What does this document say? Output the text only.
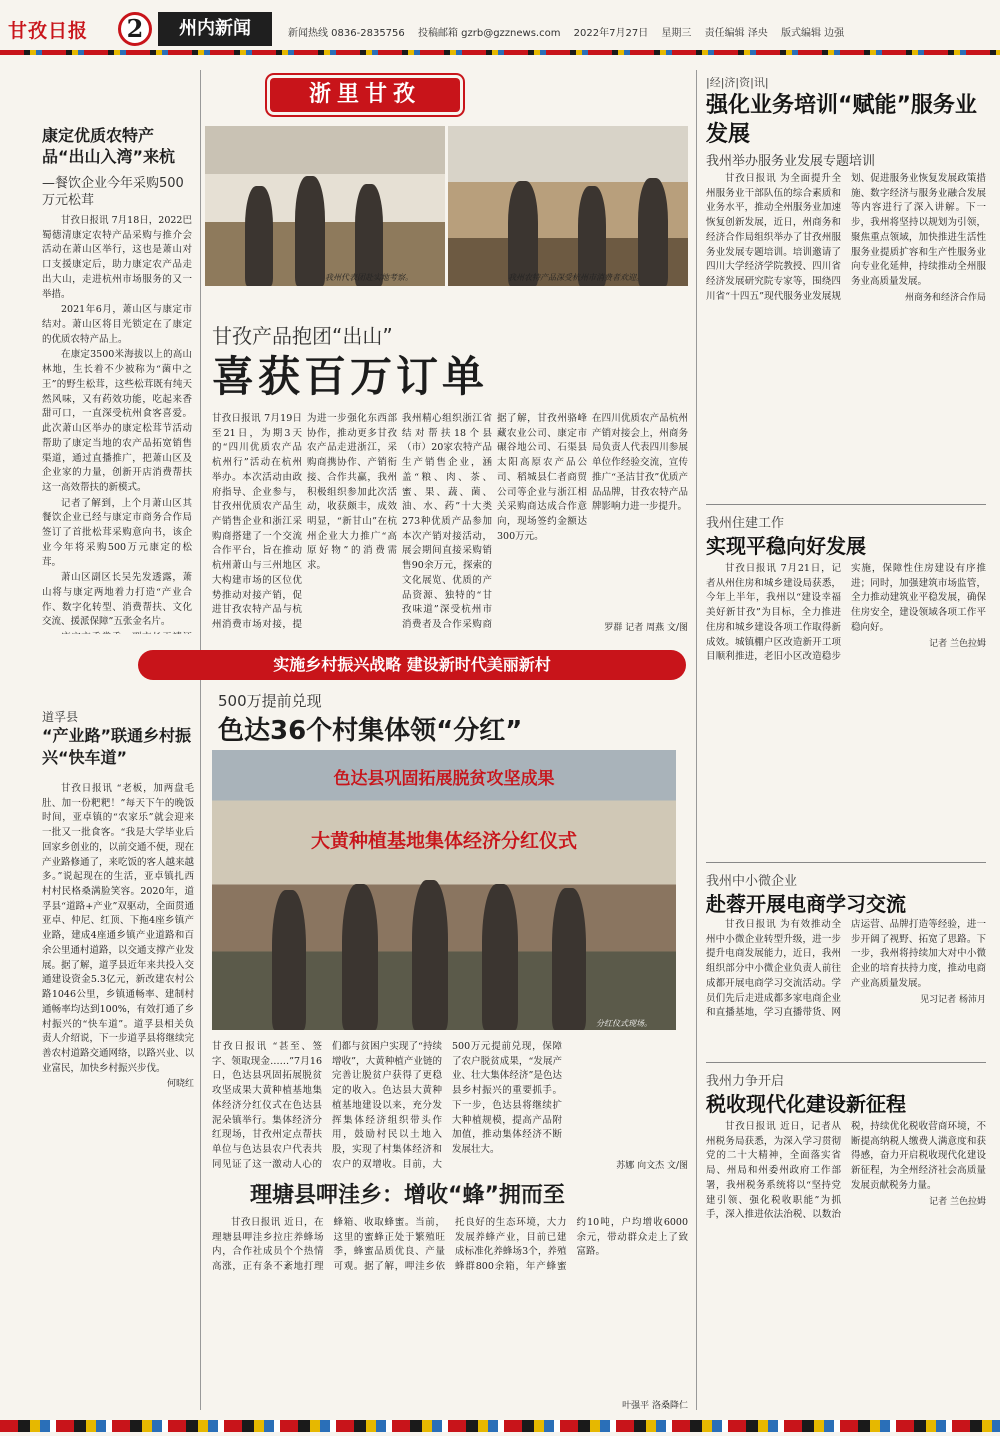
甘孜日报	2	州内新闻	新闻热线 0836-2835756 投稿邮箱 gzrb@gzznews.com 2022年7月27日 星期三 责任编辑 泽央 版式编辑 边强
浙里甘孜
康定优质农特产品“出山入湾”来杭
—餐饮企业今年采购500万元松茸

甘孜日报讯 7月18日，2022巴蜀德清康定农特产品采购与推介会活动在萧山区举行，这也是萧山对口支援康定后，助力康定农产品走出大山，走进杭州市场服务的又一举措。

2021年6月，萧山区与康定市结对。萧山区将目光锁定在了康定的优质农特产品上。

在康定3500米海拔以上的高山林地，生长着不少被称为“菌中之王”的野生松茸，这些松茸既有纯天然风味，又有药效功能，吃起来香甜可口，一直深受杭州食客喜爱。此次萧山区举办的康定松茸节活动帮助了康定当地的农产品拓宽销售渠道，通过直播推广，把萧山区及企业家的力量，创新开店消费帮扶这一高效帮扶的新模式。

记者了解到，上个月萧山区其餐饮企业已经与康定市商务合作局签订了首批松茸采购意向书，该企业今年将采购500万元康定的松茸。

萧山区副区长吴先发透露，萧山将与康定两地着力打造“产业合作、数字化转型、消费帮扶、文化交流、援派保障”五张金名片。

我州代表团赴实地考察。	我州农特产品深受杭州市消费者欢迎。
甘孜产品抱团“出山”
喜获百万订单
甘孜日报讯 7月19日至21日，为期3天的“四川优质农产品杭州行”活动在杭州举办。本次活动由政府指导、企业参与，甘孜州优质农产品生产销售企业和浙江采购商搭建了一个交流合作平台，旨在推动杭州萧山与三州地区大构建市场的区位优势推动对接产销，促进甘孜农特产品与杭州消费市场对接，提
为进一步强化东西部协作，推动更多甘孜农产品走进浙江，采购商携协作、产销衔接、合作共赢，我州积极组织参加此次活动，收获颇丰，成效明显，“新甘山”在杭州企业大力推广“高原好物”的消费需求。
我州精心组织浙江省结对帮扶18个县（市）20家农特产品生产销售企业，涵盖“粮、肉、茶、蜜、果、蔬、菌、油、水、药”十大类273种优质产品参加本次产销对接活动，展会期间直接采购销售90余万元，探索的文化展览、优质的产品资源、独特的“甘孜味道”深受杭州市消费者及合作采购商
据了解，甘孜州骆峰藏农业公司、康定市碾谷地公司、石渠县太阳高原农产品公司、稻城县仁者商贸公司等企业与浙江相关采购商达成合作意向，现场签约金额达300万元。
在四川优质农产品杭州产销对接会上，州商务局负责人代表四川参展单位作经验交流，宣传推广“圣洁甘孜”优质产品品牌，甘孜农特产品牌影响力进一步提升。
罗群 记者 周燕 文/图
实施乡村振兴战略 建设新时代美丽新村
道孚县
“产业路”联通乡村振兴“快车道”

甘孜日报讯 “老板，加两盘毛肚、加一份粑粑！”每天下午的晚饭时间，亚卓镇的“农家乐”就会迎来一批又一批食客。“我是大学毕业后回家乡创业的，以前交通不便，现在产业路修通了，来吃饭的客人越来越多。”说起现在的生活，亚卓镇扎西村村民格桑满脸笑容。2020年，道孚县“道路+产业”双驱动，全面贯通亚卓、仲尼、红顶、下拖4座乡镇产业路，建成4座通乡镇产业道路和百余公里通村道路，以交通支撑产业发展。据了解，道孚县近年来共投入交通建设资金5.3亿元，新改建农村公路1046公里，乡镇通畅率、建制村通畅率均达到100%，有效打通了乡村振兴的“快车道”。道孚县相关负责人介绍说，下一步道孚县将继续完善农村道路交通网络，以路兴业、以业富民，加快乡村振兴步伐。

何晓红
500万提前兑现
色达36个村集体领“分红”
色达县巩固拓展脱贫攻坚成果
大黄种植基地集体经济分红仪式
分红仪式现场。
甘孜日报讯 “甚至、签字、领取现金……”7月16日，色达县巩固拓展脱贫攻坚成果大黄种植基地集体经济分红仪式在色达县泥朵镇举行。集体经济分红现场，甘孜州定点帮扶单位与色达县农户代表共同见证了这一激动人心的
们都与贫困户实现了“持续增收”，大黄种植产业链的完善让脱贫户获得了更稳定的收入。色达县大黄种植基地建设以来，充分发挥集体经济组织带头作用，鼓励村民以土地入股，实现了村集体经济和农户的双增收。目前，大
500万元提前兑现，保障了农户脱贫成果，“发展产业、壮大集体经济”是色达县乡村振兴的重要抓手。下一步，色达县将继续扩大种植规模，提高产品附加值，推动集体经济不断发展壮大。
苏娜 向文杰 文/图
理塘县呷洼乡：增收“蜂”拥而至

甘孜日报讯 近日，在理塘县呷洼乡拉庄养蜂场内，合作社成员个个热情高涨，正有条不紊地打理蜂箱、收取蜂蜜。当前，这里的蜜蜂正处于繁殖旺季，蜂蜜品质优良、产量可观。据了解，呷洼乡依托良好的生态环境，大力发展养蜂产业，目前已建成标准化养蜂场3个，养殖蜂群800余箱，年产蜂蜜约10吨，户均增收6000余元，带动群众走上了致富路。

叶强平 洛桑降仁
|经|济|资|讯|
强化业务培训“赋能”服务业发展
我州举办服务业发展专题培训

甘孜日报讯 为全面提升全州服务业干部队伍的综合素质和业务水平，推动全州服务业加速恢复创新发展，近日，州商务和经济合作局组织举办了甘孜州服务业发展专题培训。培训邀请了四川大学经济学院教授、四川省经济发展研究院专家等，围绕四川省“十四五”现代服务业发展规划、促进服务业恢复发展政策措施、数字经济与服务业融合发展等内容进行了深入讲解。下一步，我州将坚持以规划为引领，聚焦重点领域，加快推进生活性服务业提质扩容和生产性服务业向专业化延伸，持续推动全州服务业高质量发展。

州商务和经济合作局
我州住建工作
实现平稳向好发展

甘孜日报讯 7月21日，记者从州住房和城乡建设局获悉，今年上半年，我州以“建设幸福美好新甘孜”为目标，全力推进住房和城乡建设各项工作取得新成效。城镇棚户区改造新开工项目顺利推进，老旧小区改造稳步实施，保障性住房建设有序推进；同时，加强建筑市场监管，全力推动建筑业平稳发展，确保住房安全，建设领域各项工作平稳向好。

记者 兰色拉姆
我州中小微企业
赴蓉开展电商学习交流

甘孜日报讯 为有效推动全州中小微企业转型升级，进一步提升电商发展能力，近日，我州组织部分中小微企业负责人前往成都开展电商学习交流活动。学员们先后走进成都多家电商企业和直播基地，学习直播带货、网店运营、品牌打造等经验，进一步开阔了视野、拓宽了思路。下一步，我州将持续加大对中小微企业的培育扶持力度，推动电商产业高质量发展。

见习记者 杨沛月
我州力争开启
税收现代化建设新征程

甘孜日报讯 近日，记者从州税务局获悉，为深入学习贯彻党的二十大精神，全面落实省局、州局和州委州政府工作部署，我州税务系统将以“坚持党建引领、强化税收职能”为抓手，深入推进依法治税、以数治税，持续优化税收营商环境，不断提高纳税人缴费人满意度和获得感，奋力开启税收现代化建设新征程，为全州经济社会高质量发展贡献税务力量。

记者 兰色拉姆
